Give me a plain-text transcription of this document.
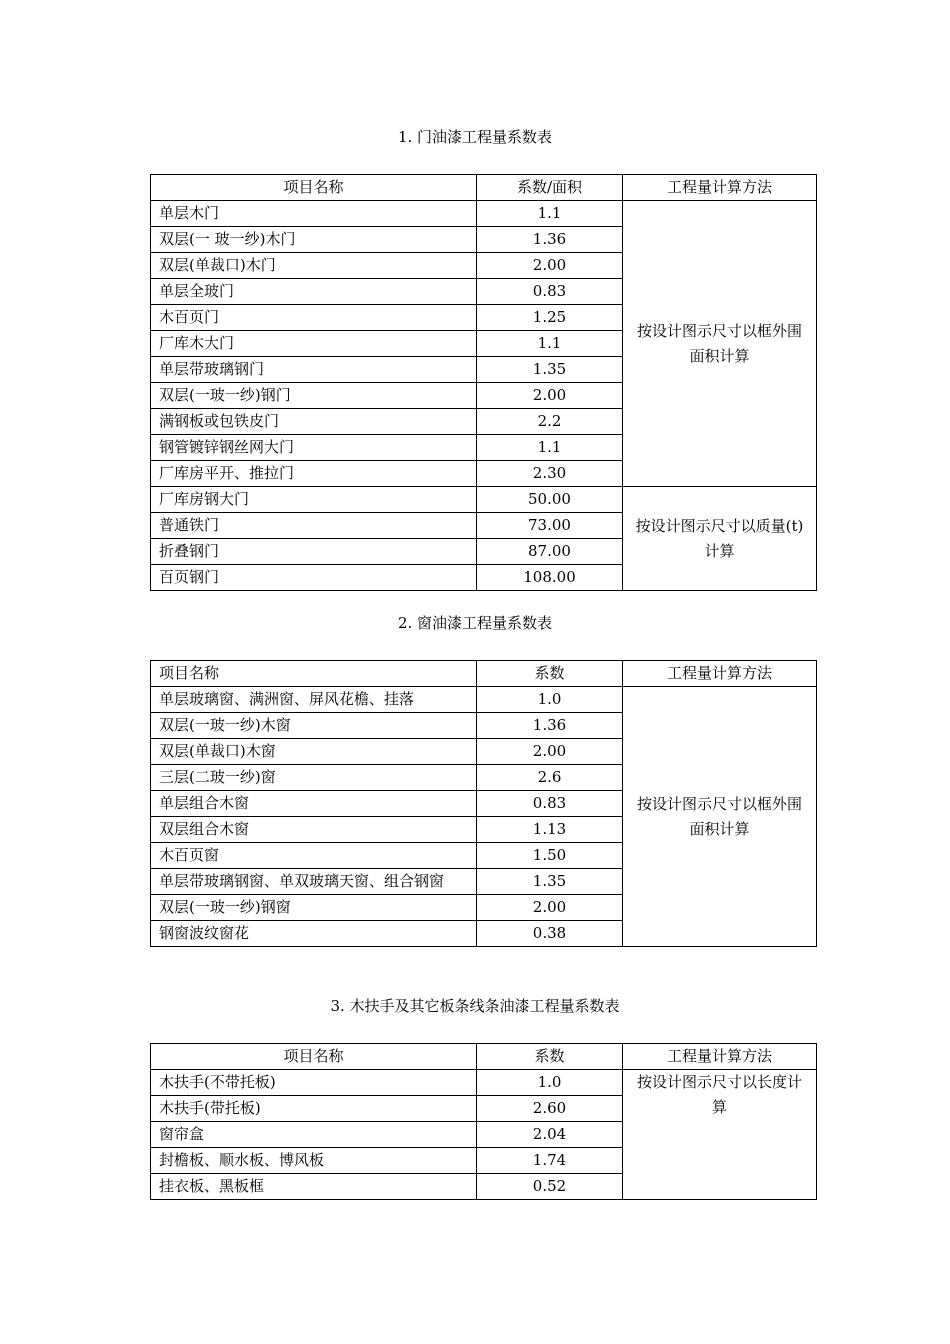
1. 门油漆工程量系数表
项目名称	系数/面积	工程量计算方法
单层木门	1.1	按设计图示尺寸以框外围面积计算
双层(一 玻一纱)木门	1.36	
双层(单裁口)木门	2.00	
单层全玻门	0.83	
木百页门	1.25	
厂库木大门	1.1	
单层带玻璃钢门	1.35	
双层(一玻一纱)钢门	2.00	
满钢板或包铁皮门	2.2	
钢管镀锌钢丝网大门	1.1	
厂库房平开、推拉门	2.30	
厂库房钢大门	50.00	按设计图示尺寸以质量(t)计算
普通铁门	73.00	
折叠钢门	87.00	
百页钢门	108.00	
2. 窗油漆工程量系数表
项目名称	系数	工程量计算方法
单层玻璃窗、满洲窗、屏风花檐、挂落	1.0	按设计图示尺寸以框外围面积计算
双层(一玻一纱)木窗	1.36	
双层(单裁口)木窗	2.00	
三层(二玻一纱)窗	2.6	
单层组合木窗	0.83	
双层组合木窗	1.13	
木百页窗	1.50	
单层带玻璃钢窗、单双玻璃天窗、组合钢窗	1.35	
双层(一玻一纱)钢窗	2.00	
钢窗波纹窗花	0.38	
3. 木扶手及其它板条线条油漆工程量系数表
项目名称	系数	工程量计算方法
木扶手(不带托板)	1.0	按设计图示尺寸以长度计算
木扶手(带托板)	2.60	
窗帘盒	2.04	
封檐板、顺水板、博风板	1.74	
挂衣板、黑板框	0.52	
